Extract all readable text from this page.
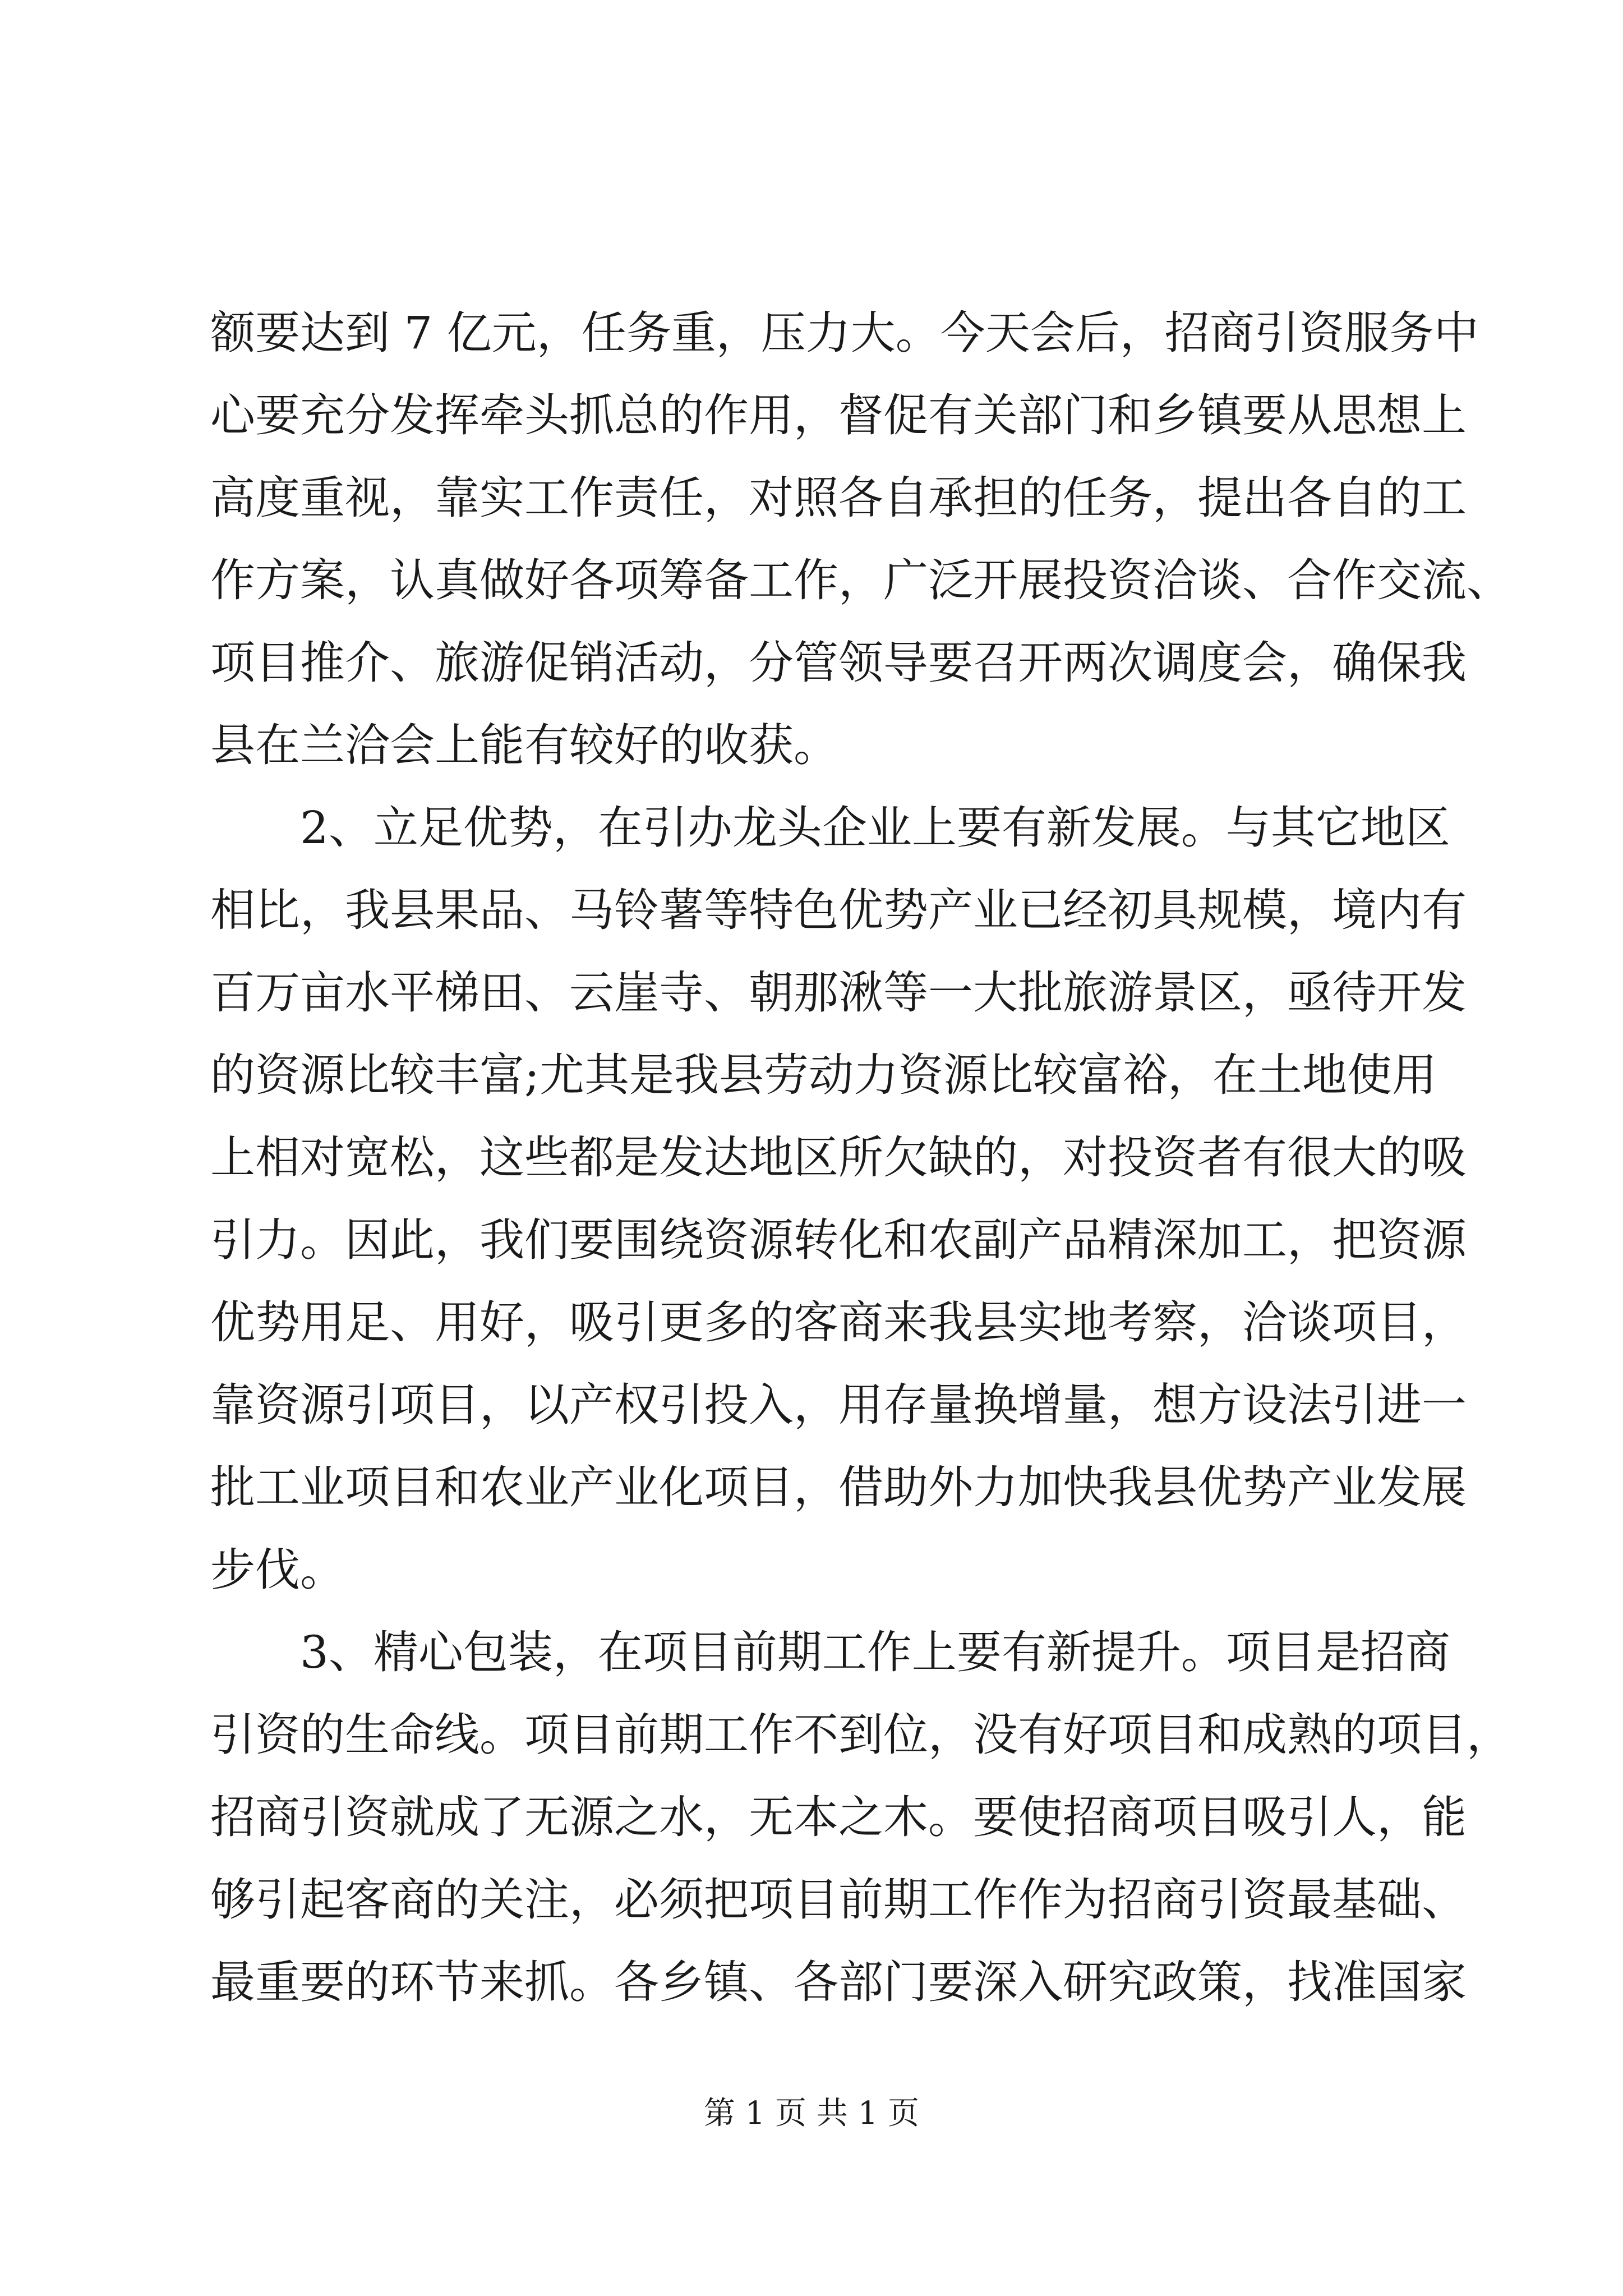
额要达到 7 亿元，任务重，压力大。今天会后，招商引资服务中
心要充分发挥牵头抓总的作用，督促有关部门和乡镇要从思想上
高度重视，靠实工作责任，对照各自承担的任务，提出各自的工
作方案，认真做好各项筹备工作，广泛开展投资洽谈、合作交流、
项目推介、旅游促销活动，分管领导要召开两次调度会，确保我
县在兰洽会上能有较好的收获。
2、立足优势，在引办龙头企业上要有新发展。与其它地区
相比，我县果品、马铃薯等特色优势产业已经初具规模，境内有
百万亩水平梯田、云崖寺、朝那湫等一大批旅游景区，亟待开发
的资源比较丰富;尤其是我县劳动力资源比较富裕，在土地使用
上相对宽松，这些都是发达地区所欠缺的，对投资者有很大的吸
引力。因此，我们要围绕资源转化和农副产品精深加工，把资源
优势用足、用好，吸引更多的客商来我县实地考察，洽谈项目，
靠资源引项目，以产权引投入，用存量换增量，想方设法引进一
批工业项目和农业产业化项目，借助外力加快我县优势产业发展
步伐。
3、精心包装，在项目前期工作上要有新提升。项目是招商
引资的生命线。项目前期工作不到位，没有好项目和成熟的项目，
招商引资就成了无源之水，无本之木。要使招商项目吸引人，能
够引起客商的关注，必须把项目前期工作作为招商引资最基础、
最重要的环节来抓。各乡镇、各部门要深入研究政策，找准国家
第 1 页 共 1 页
